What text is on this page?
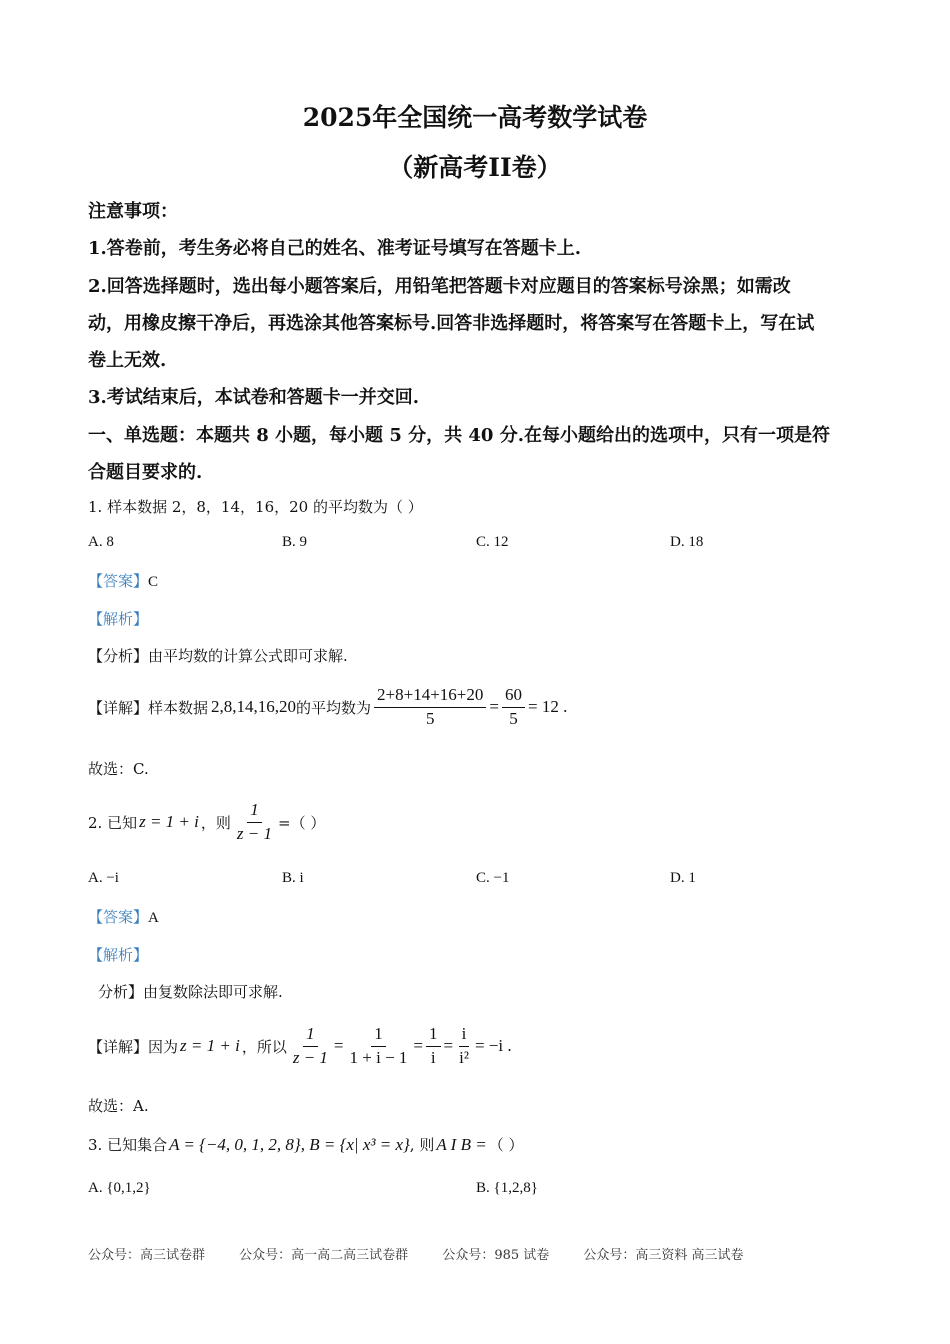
2025年全国统一高考数学试卷
（新高考II卷）
注意事项：
1.答卷前，考生务必将自己的姓名、准考证号填写在答题卡上.
2.回答选择题时，选出每小题答案后，用铅笔把答题卡对应题目的答案标号涂黑；如需改
动，用橡皮擦干净后，再选涂其他答案标号.回答非选择题时，将答案写在答题卡上，写在试
卷上无效.
3.考试结束后，本试卷和答题卡一并交回.
一、单选题：本题共 8 小题，每小题 5 分，共 40 分.在每小题给出的选项中，只有一项是符
合题目要求的.
1. 样本数据 2，8，14，16，20 的平均数为（ ）
A. 8	B. 9	C. 12	D. 18
【答案】C
【解析】
【分析】由平均数的计算公式即可求解.
【详解】样本数据 2,8,14,16,20 的平均数为 $\frac{2+8+14+16+20}{5} = \frac{60}{5} = 12$ .
故选：C.
2. 已知 z = 1 + i ，则 $\frac{1}{z - 1}$ =（ ）
A. −i	B. i	C. −1	D. 1
【答案】A
【解析】
分析】由复数除法即可求解.
【详解】因为 z = 1 + i ，所以 $\frac{1}{z - 1} = \frac{1}{1 + i - 1} = \frac{1}{i} = \frac{i}{\text{i²}} = -i$ .
故选：A.
3. 已知集合 A = {−4, 0, 1, 2, 8}, B = {x| x³ = x} , 则 A I B = （ ）
A. {0,1,2}	B. {1,2,8}
公众号：高三试卷群	公众号：高一高二高三试卷群	公众号：985 试卷	公众号：高三资料 高三试卷
